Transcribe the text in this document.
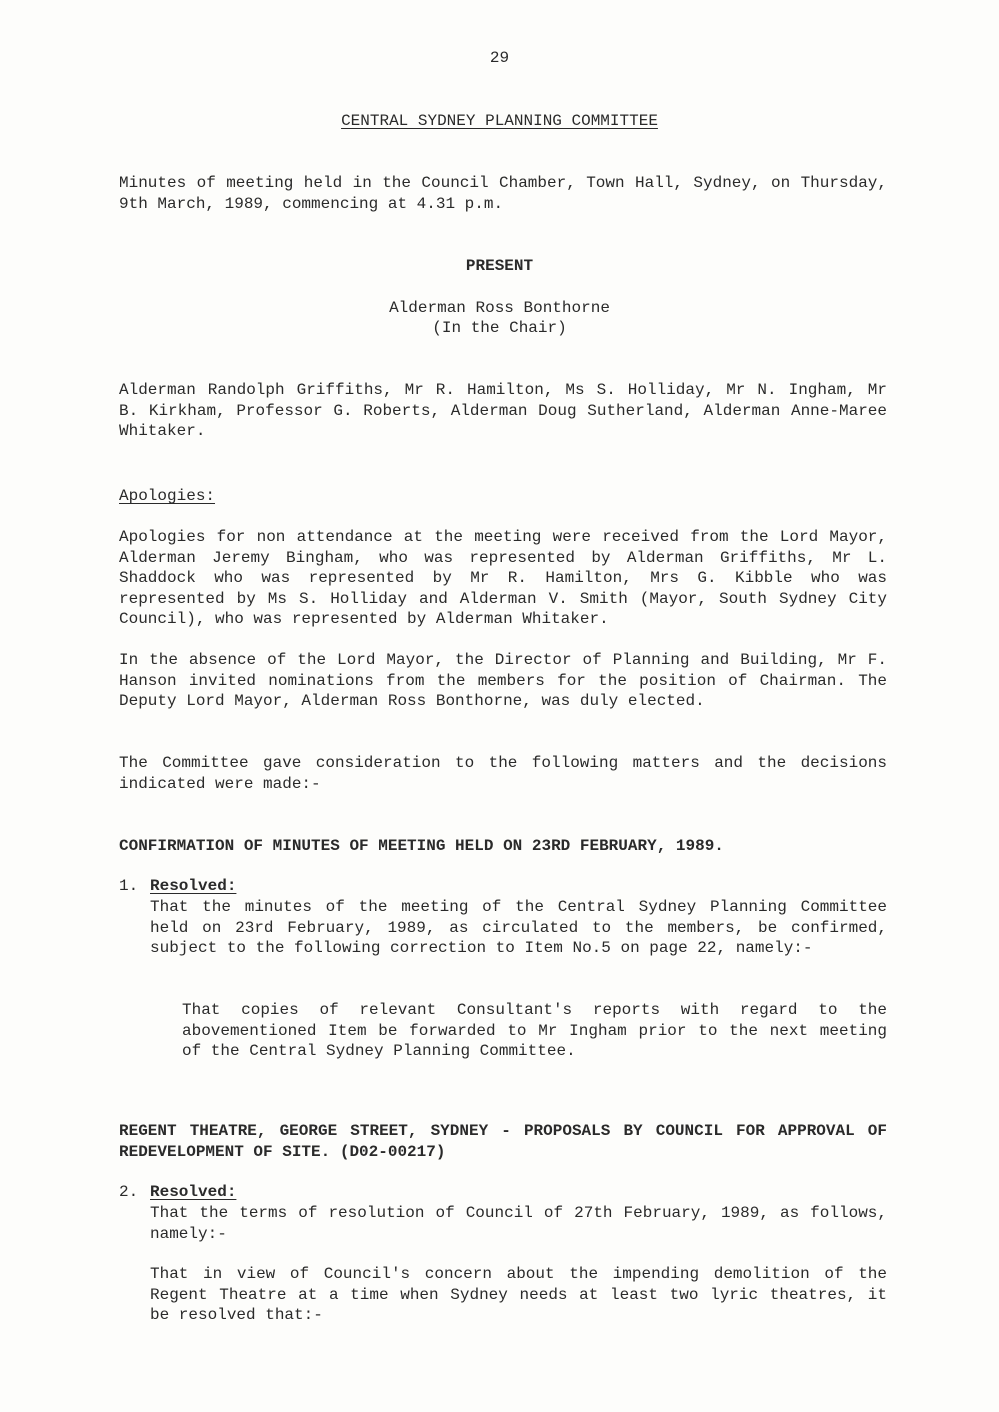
29
CENTRAL SYDNEY PLANNING COMMITTEE
Minutes of meeting held in the Council Chamber, Town Hall, Sydney, on Thursday, 9th March, 1989, commencing at 4.31 p.m.
PRESENT
Alderman Ross Bonthorne
(In the Chair)
Alderman Randolph Griffiths, Mr R. Hamilton, Ms S. Holliday, Mr N. Ingham, Mr B. Kirkham, Professor G. Roberts, Alderman Doug Sutherland, Alderman Anne-Maree Whitaker.
Apologies:
Apologies for non attendance at the meeting were received from the Lord Mayor, Alderman Jeremy Bingham, who was represented by Alderman Griffiths, Mr L. Shaddock who was represented by Mr R. Hamilton, Mrs G. Kibble who was represented by Ms S. Holliday and Alderman V. Smith (Mayor, South Sydney City Council), who was represented by Alderman Whitaker.
In the absence of the Lord Mayor, the Director of Planning and Building, Mr F. Hanson invited nominations from the members for the position of Chairman. The Deputy Lord Mayor, Alderman Ross Bonthorne, was duly elected.
The Committee gave consideration to the following matters and the decisions indicated were made:-
CONFIRMATION OF MINUTES OF MEETING HELD ON 23RD FEBRUARY, 1989.
1. Resolved:
That the minutes of the meeting of the Central Sydney Planning Committee held on 23rd February, 1989, as circulated to the members, be confirmed, subject to the following correction to Item No.5 on page 22, namely:-
That copies of relevant Consultant's reports with regard to the abovementioned Item be forwarded to Mr Ingham prior to the next meeting of the Central Sydney Planning Committee.
REGENT THEATRE, GEORGE STREET, SYDNEY - PROPOSALS BY COUNCIL FOR APPROVAL OF REDEVELOPMENT OF SITE. (D02-00217)
2. Resolved:
That the terms of resolution of Council of 27th February, 1989, as follows, namely:-
That in view of Council's concern about the impending demolition of the Regent Theatre at a time when Sydney needs at least two lyric theatres, it be resolved that:-
